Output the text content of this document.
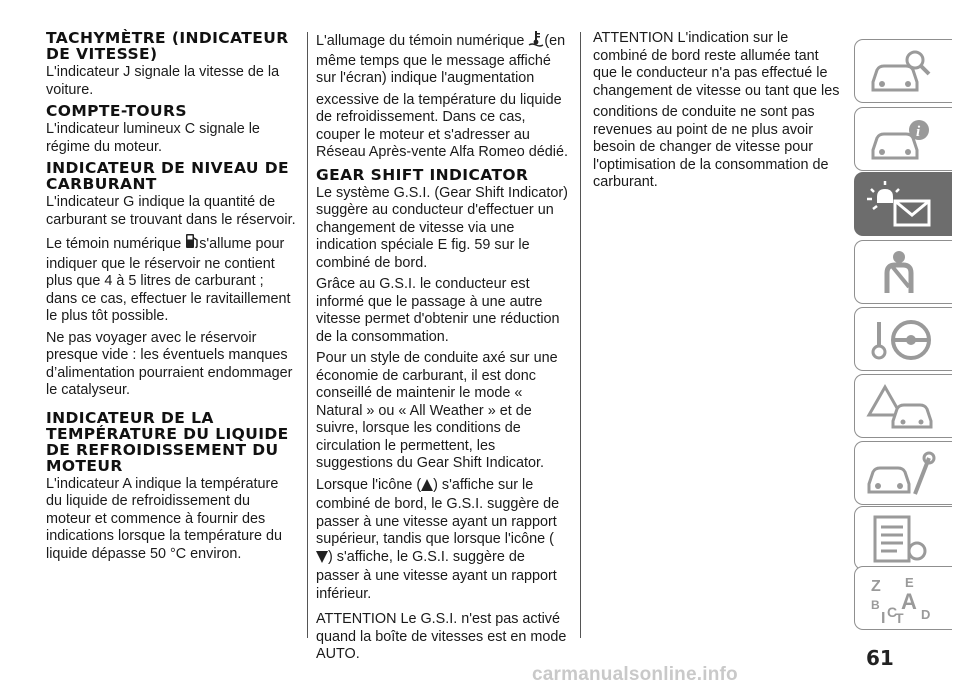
TACHYMÈTRE (INDICATEUR DE VITESSE)

L'indicateur J signale la vitesse de la voiture.

COMPTE-TOURS

L'indicateur lumineux C signale le régime du moteur.

INDICATEUR DE NIVEAU DE CARBURANT

L'indicateur G indique la quantité de carburant se trouvant dans le réservoir.

Le témoin numérique s'allume pour indiquer que le réservoir ne contient plus que 4 à 5 litres de carburant ; dans ce cas, effectuer le ravitaillement le plus tôt possible.

Ne pas voyager avec le réservoir presque vide : les éventuels manques d’alimentation pourraient endommager le catalyseur.

INDICATEUR DE LA TEMPÉRATURE DU LIQUIDE DE REFROIDISSEMENT DU MOTEUR

L'indicateur A indique la température du liquide de refroidissement du moteur et commence à fournir des indications lorsque la température du liquide dépasse 50 °C environ.

L'allumage du témoin numérique (en même temps que le message affiché sur l'écran) indique l'augmentation

excessive de la température du liquide de refroidissement. Dans ce cas, couper le moteur et s'adresser au Réseau Après-vente Alfa Romeo dédié.

GEAR SHIFT INDICATOR

Le système G.S.I. (Gear Shift Indicator) suggère au conducteur d'effectuer un changement de vitesse via une indication spéciale E fig. 59 sur le combiné de bord.

Grâce au G.S.I. le conducteur est informé que le passage à une autre vitesse permet d'obtenir une réduction de la consommation.

Pour un style de conduite axé sur une économie de carburant, il est donc conseillé de maintenir le mode « Natural » ou « All Weather » et de suivre, lorsque les conditions de circulation le permettent, les suggestions du Gear Shift Indicator.

Lorsque l'icône ( ) s'affiche sur le combiné de bord, le G.S.I. suggère de passer à une vitesse ayant un rapport supérieur, tandis que lorsque l'icône (
) s'affiche, le G.S.I. suggère de passer à une vitesse ayant un rapport inférieur.

ATTENTION Le G.S.I. n'est pas activé quand la boîte de vitesses est en mode AUTO.

ATTENTION L'indication sur le combiné de bord reste allumée tant que le conducteur n'a pas effectué le changement de vitesse ou tant que les

conditions de conduite ne sont pas revenues au point de ne plus avoir besoin de changer de vitesse pour l'optimisation de la consommation de carburant.

i
Z E
B A
C
T D
I
61
carmanualsonline.info
